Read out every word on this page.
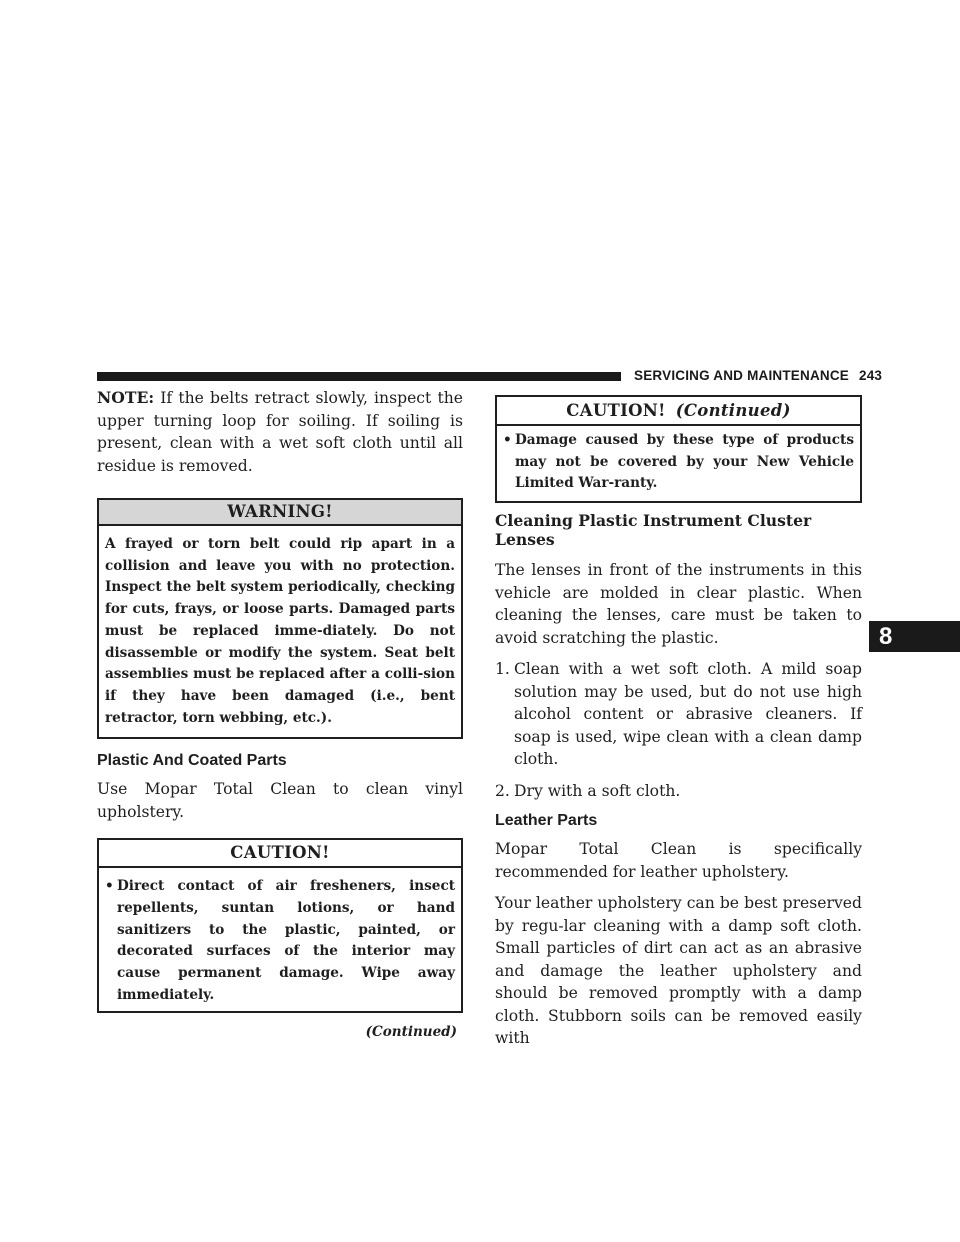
SERVICING AND MAINTENANCE 243
8

NOTE: If the belts retract slowly, inspect the upper turning loop for soiling. If soiling is present, clean with a wet soft cloth until all residue is removed.

WARNING!
A frayed or torn belt could rip apart in a collision and leave you with no protection. Inspect the belt system periodically, checking for cuts, frays, or loose parts. Damaged parts must be replaced imme-diately. Do not disassemble or modify the system. Seat belt assemblies must be replaced after a colli-sion if they have been damaged (i.e., bent retractor, torn webbing, etc.).
Plastic And Coated Parts

Use Mopar Total Clean to clean vinyl upholstery.

CAUTION!
• Direct contact of air fresheners, insect repellents, suntan lotions, or hand sanitizers to the plastic, painted, or decorated surfaces of the interior may cause permanent damage. Wipe away immediately.
(Continued)
CAUTION! (Continued)
• Damage caused by these type of products may not be covered by your New Vehicle Limited War-ranty.
Cleaning Plastic Instrument Cluster Lenses

The lenses in front of the instruments in this vehicle are molded in clear plastic. When cleaning the lenses, care must be taken to avoid scratching the plastic.

1. Clean with a wet soft cloth. A mild soap solution may be used, but do not use high alcohol content or abrasive cleaners. If soap is used, wipe clean with a clean damp cloth.
2. Dry with a soft cloth.
Leather Parts

Mopar Total Clean is specifically recommended for leather upholstery.

Your leather upholstery can be best preserved by regu-lar cleaning with a damp soft cloth. Small particles of dirt can act as an abrasive and damage the leather upholstery and should be removed promptly with a damp cloth. Stubborn soils can be removed easily with
